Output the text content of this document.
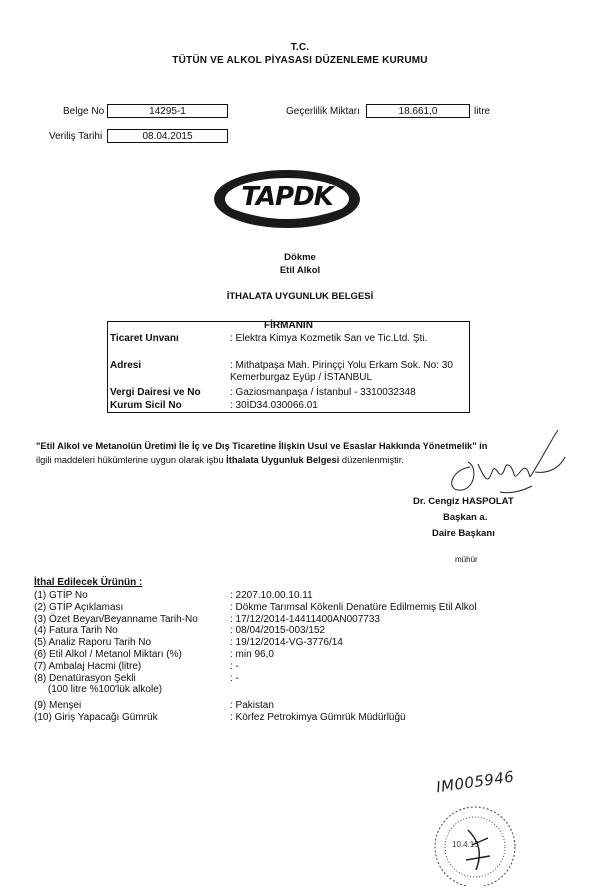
T.C.
TÜTÜN VE ALKOL PİYASASI DÜZENLEME KURUMU
Belge No	14295-1	Geçerlilik Miktarı	18.661,0	litre
Veriliş Tarihi	08.04.2015
TAPDK
Dökme
Etil Alkol
İTHALATA UYGUNLUK BELGESİ
FİRMANIN
Ticaret Unvanı	: Elektra Kimya Kozmetik San ve Tic.Ltd. Şti.
Adresi	: Mithatpaşa Mah. Pirinççi Yolu Erkam Sok. No: 30
Kemerburgaz Eyüp / İSTANBUL
Vergi Dairesi ve No	: Gaziosmanpaşa / İstanbul - 3310032348
Kurum Sicil No	: 30İD34.030066.01
"Etil Alkol ve Metanolün Üretimi İle İç ve Dış Ticaretine İlişkin Usul ve Esaslar Hakkında Yönetmelik" in
ilgili maddeleri hükümlerine uygun olarak işbu İthalata Uygunluk Belgesi düzenlenmiştir.
Dr. Cengiz HASPOLAT
Başkan a.
Daire Başkanı
mühür
İthal Edilecek Ürünün :
(1) GTİP No	: 2207.10.00.10.11
(2) GTİP Açıklaması	: Dökme Tarımsal Kökenli Denatüre Edilmemiş Etil Alkol
(3) Özet Beyan/Beyanname Tarih-No	: 17/12/2014-14411400AN007733
(4) Fatura Tarih No	: 08/04/2015-003/152
(5) Analiz Raporu Tarih No	: 19/12/2014-VG-3776/14
(6) Etil Alkol / Metanol Miktarı (%)	: min 96,0
(7) Ambalaj Hacmi (litre)	: -
(8) Denatürasyon Şekli	: -
(100 litre %100'lük alkole)
(9) Menşei	: Pakistan
(10) Giriş Yapacağı Gümrük	: Körfez Petrokimya Gümrük Müdürlüğü
IM005946
10.4.15
